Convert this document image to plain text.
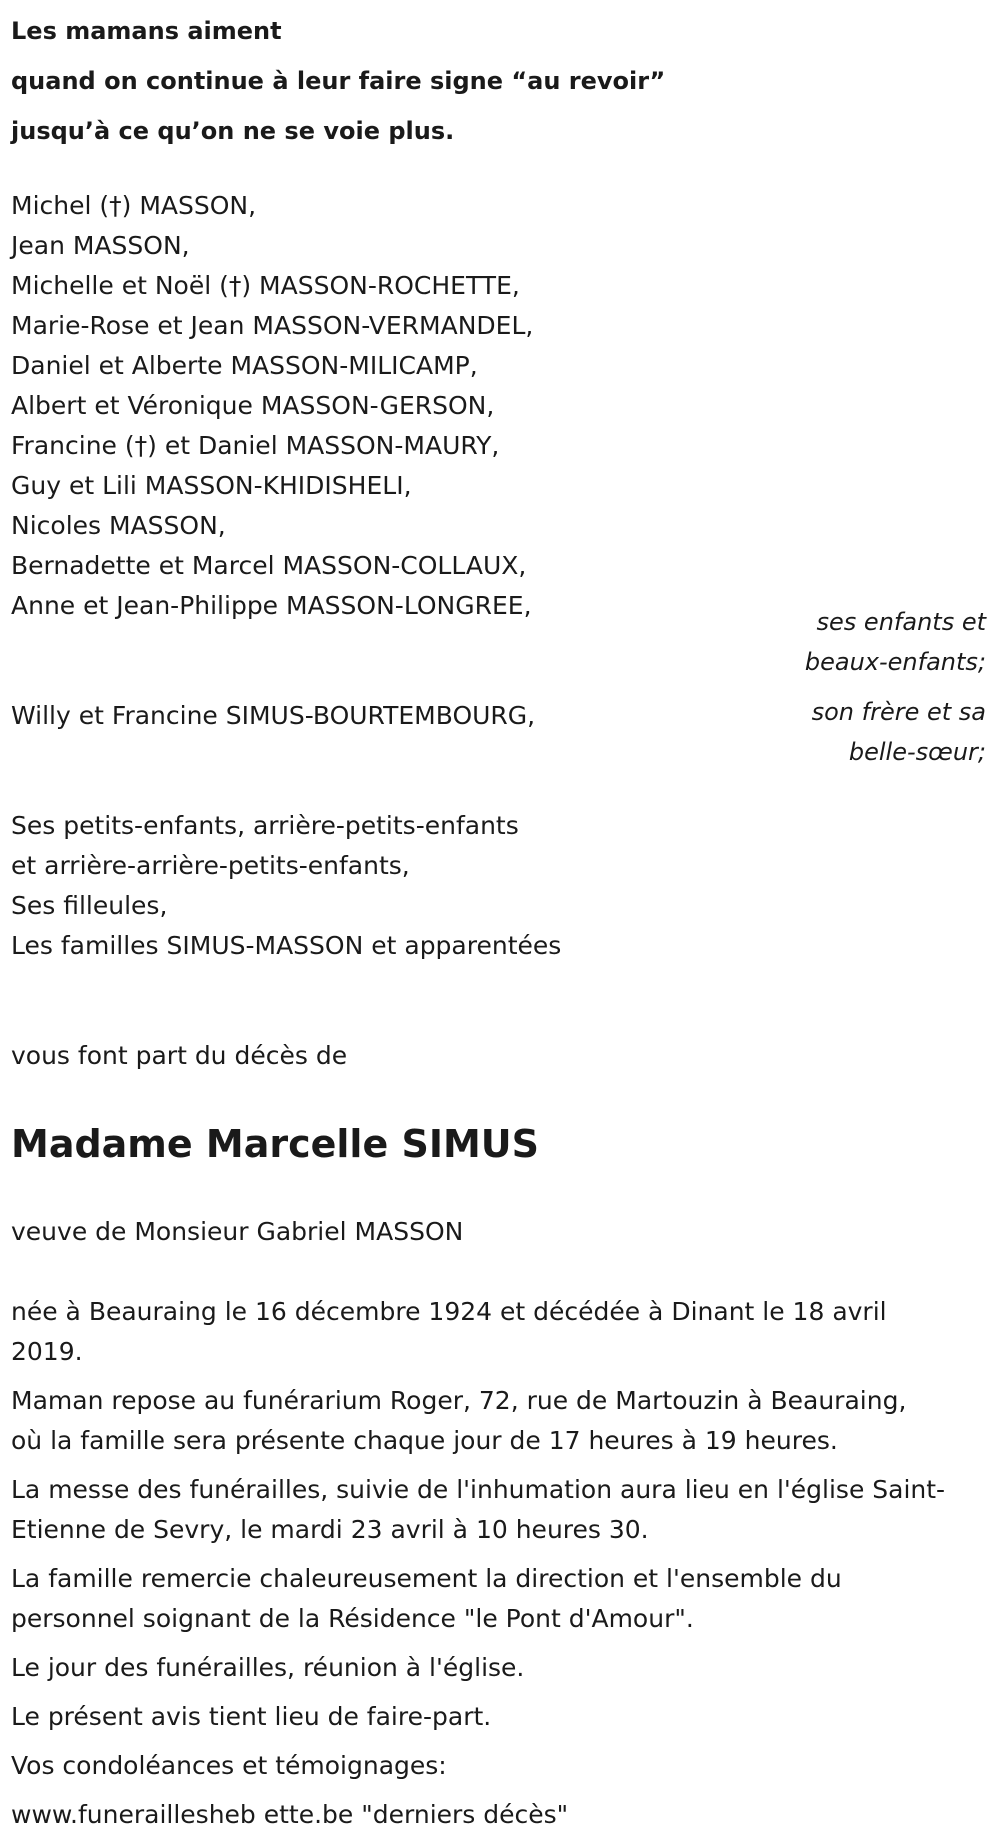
Les mamans aiment
quand on continue à leur faire signe “au revoir”
jusqu’à ce qu’on ne se voie plus.
Michel (†) MASSON,
Jean MASSON,
Michelle et Noël (†) MASSON-ROCHETTE,
Marie-Rose et Jean MASSON-VERMANDEL,
Daniel et Alberte MASSON-MILICAMP,
Albert et Véronique MASSON-GERSON,
Francine (†) et Daniel MASSON-MAURY,
Guy et Lili MASSON-KHIDISHELI,
Nicoles MASSON,
Bernadette et Marcel MASSON-COLLAUX,
Anne et Jean-Philippe MASSON-LONGREE,
Willy et Francine SIMUS-BOURTEMBOURG,
Ses petits-enfants, arrière-petits-enfants
et arrière-arrière-petits-enfants,
Ses filleules,
Les familles SIMUS-MASSON et apparentées
ses enfants et
beaux-enfants;
son frère et sa
belle-sœur;
vous font part du décès de
Madame Marcelle SIMUS
veuve de Monsieur Gabriel MASSON
née à Beauraing le 16 décembre 1924 et décédée à Dinant le 18 avril
2019.
Maman repose au funérarium Roger, 72, rue de Martouzin à Beauraing,
où la famille sera présente chaque jour de 17 heures à 19 heures.
La messe des funérailles, suivie de l'inhumation aura lieu en l'église Saint-
Etienne de Sevry, le mardi 23 avril à 10 heures 30.
La famille remercie chaleureusement la direction et l'ensemble du
personnel soignant de la Résidence "le Pont d'Amour".
Le jour des funérailles, réunion à l'église.
Le présent avis tient lieu de faire-part.
Vos condoléances et témoignages:
www.funeraillesheb ette.be "derniers décès"
